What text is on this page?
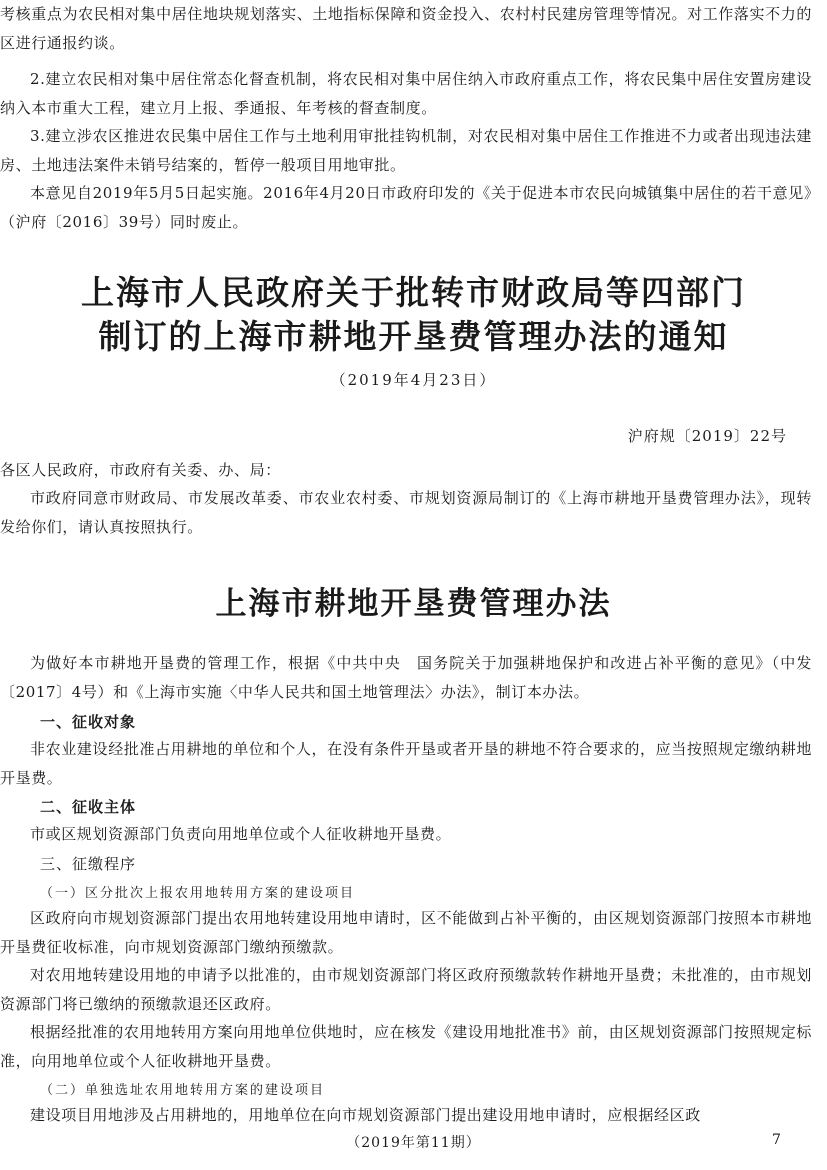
考核重点为农民相对集中居住地块规划落实、土地指标保障和资金投入、农村村民建房管理等情况。对工作落实不力的区进行通报约谈。

2.建立农民相对集中居住常态化督查机制，将农民相对集中居住纳入市政府重点工作，将农民集中居住安置房建设纳入本市重大工程，建立月上报、季通报、年考核的督查制度。

3.建立涉农区推进农民集中居住工作与土地利用审批挂钩机制，对农民相对集中居住工作推进不力或者出现违法建房、土地违法案件未销号结案的，暂停一般项目用地审批。

本意见自2019年5月5日起实施。2016年4月20日市政府印发的《关于促进本市农民向城镇集中居住的若干意见》（沪府〔2016〕39号）同时废止。

上海市人民政府关于批转市财政局等四部门
制订的上海市耕地开垦费管理办法的通知

（2019年4月23日）

沪府规〔2019〕22号

各区人民政府，市政府有关委、办、局：

市政府同意市财政局、市发展改革委、市农业农村委、市规划资源局制订的《上海市耕地开垦费管理办法》，现转发给你们，请认真按照执行。

上海市耕地开垦费管理办法

为做好本市耕地开垦费的管理工作，根据《中共中央　国务院关于加强耕地保护和改进占补平衡的意见》（中发〔2017〕4号）和《上海市实施〈中华人民共和国土地管理法〉办法》，制订本办法。

一、征收对象

非农业建设经批准占用耕地的单位和个人，在没有条件开垦或者开垦的耕地不符合要求的，应当按照规定缴纳耕地开垦费。

二、征收主体

市或区规划资源部门负责向用地单位或个人征收耕地开垦费。

三、征缴程序

（一）区分批次上报农用地转用方案的建设项目

区政府向市规划资源部门提出农用地转建设用地申请时，区不能做到占补平衡的，由区规划资源部门按照本市耕地开垦费征收标准，向市规划资源部门缴纳预缴款。

对农用地转建设用地的申请予以批准的，由市规划资源部门将区政府预缴款转作耕地开垦费；未批准的，由市规划资源部门将已缴纳的预缴款退还区政府。

根据经批准的农用地转用方案向用地单位供地时，应在核发《建设用地批准书》前，由区规划资源部门按照规定标准，向用地单位或个人征收耕地开垦费。

（二）单独选址农用地转用方案的建设项目

建设项目用地涉及占用耕地的，用地单位在向市规划资源部门提出建设用地申请时，应根据经区政

（2019年第11期）	7
